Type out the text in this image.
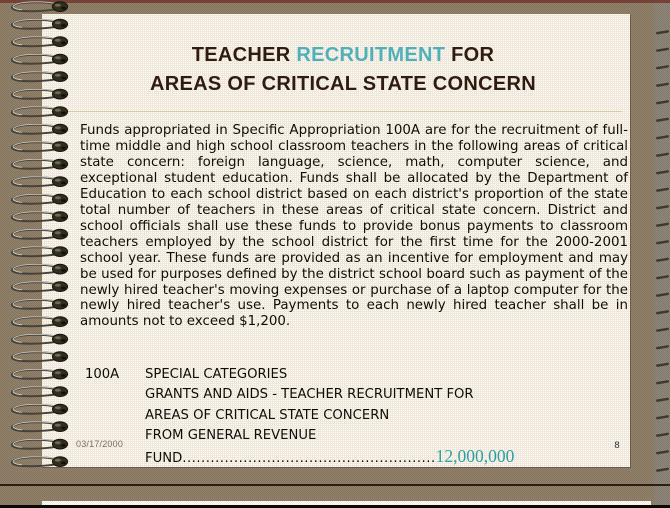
TEACHER RECRUITMENT FOR
AREAS OF CRITICAL STATE CONCERN

Funds appropriated in Specific Appropriation 100A are for the recruitment of full-time middle and high school classroom teachers in the following areas of critical state concern: foreign language, science, math, computer science, and exceptional student education. Funds shall be allocated by the Department of Education to each school district based on each district's proportion of the state total number of teachers in these areas of critical state concern. District and school officials shall use these funds to provide bonus payments to classroom teachers employed by the school district for the first time for the 2000-2001 school year. These funds are provided as an incentive for employment and may be used for purposes defined by the district school board such as payment of the newly hired teacher's moving expenses or purchase of a laptop computer for the newly hired teacher's use. Payments to each newly hired teacher shall be in amounts not to exceed $1,200.

100A SPECIAL CATEGORIES
GRANTS AND AIDS - TEACHER RECRUITMENT FOR
AREAS OF CRITICAL STATE CONCERN
FROM GENERAL REVENUE
FUND......................................................12,000,000
03/17/2000	8
